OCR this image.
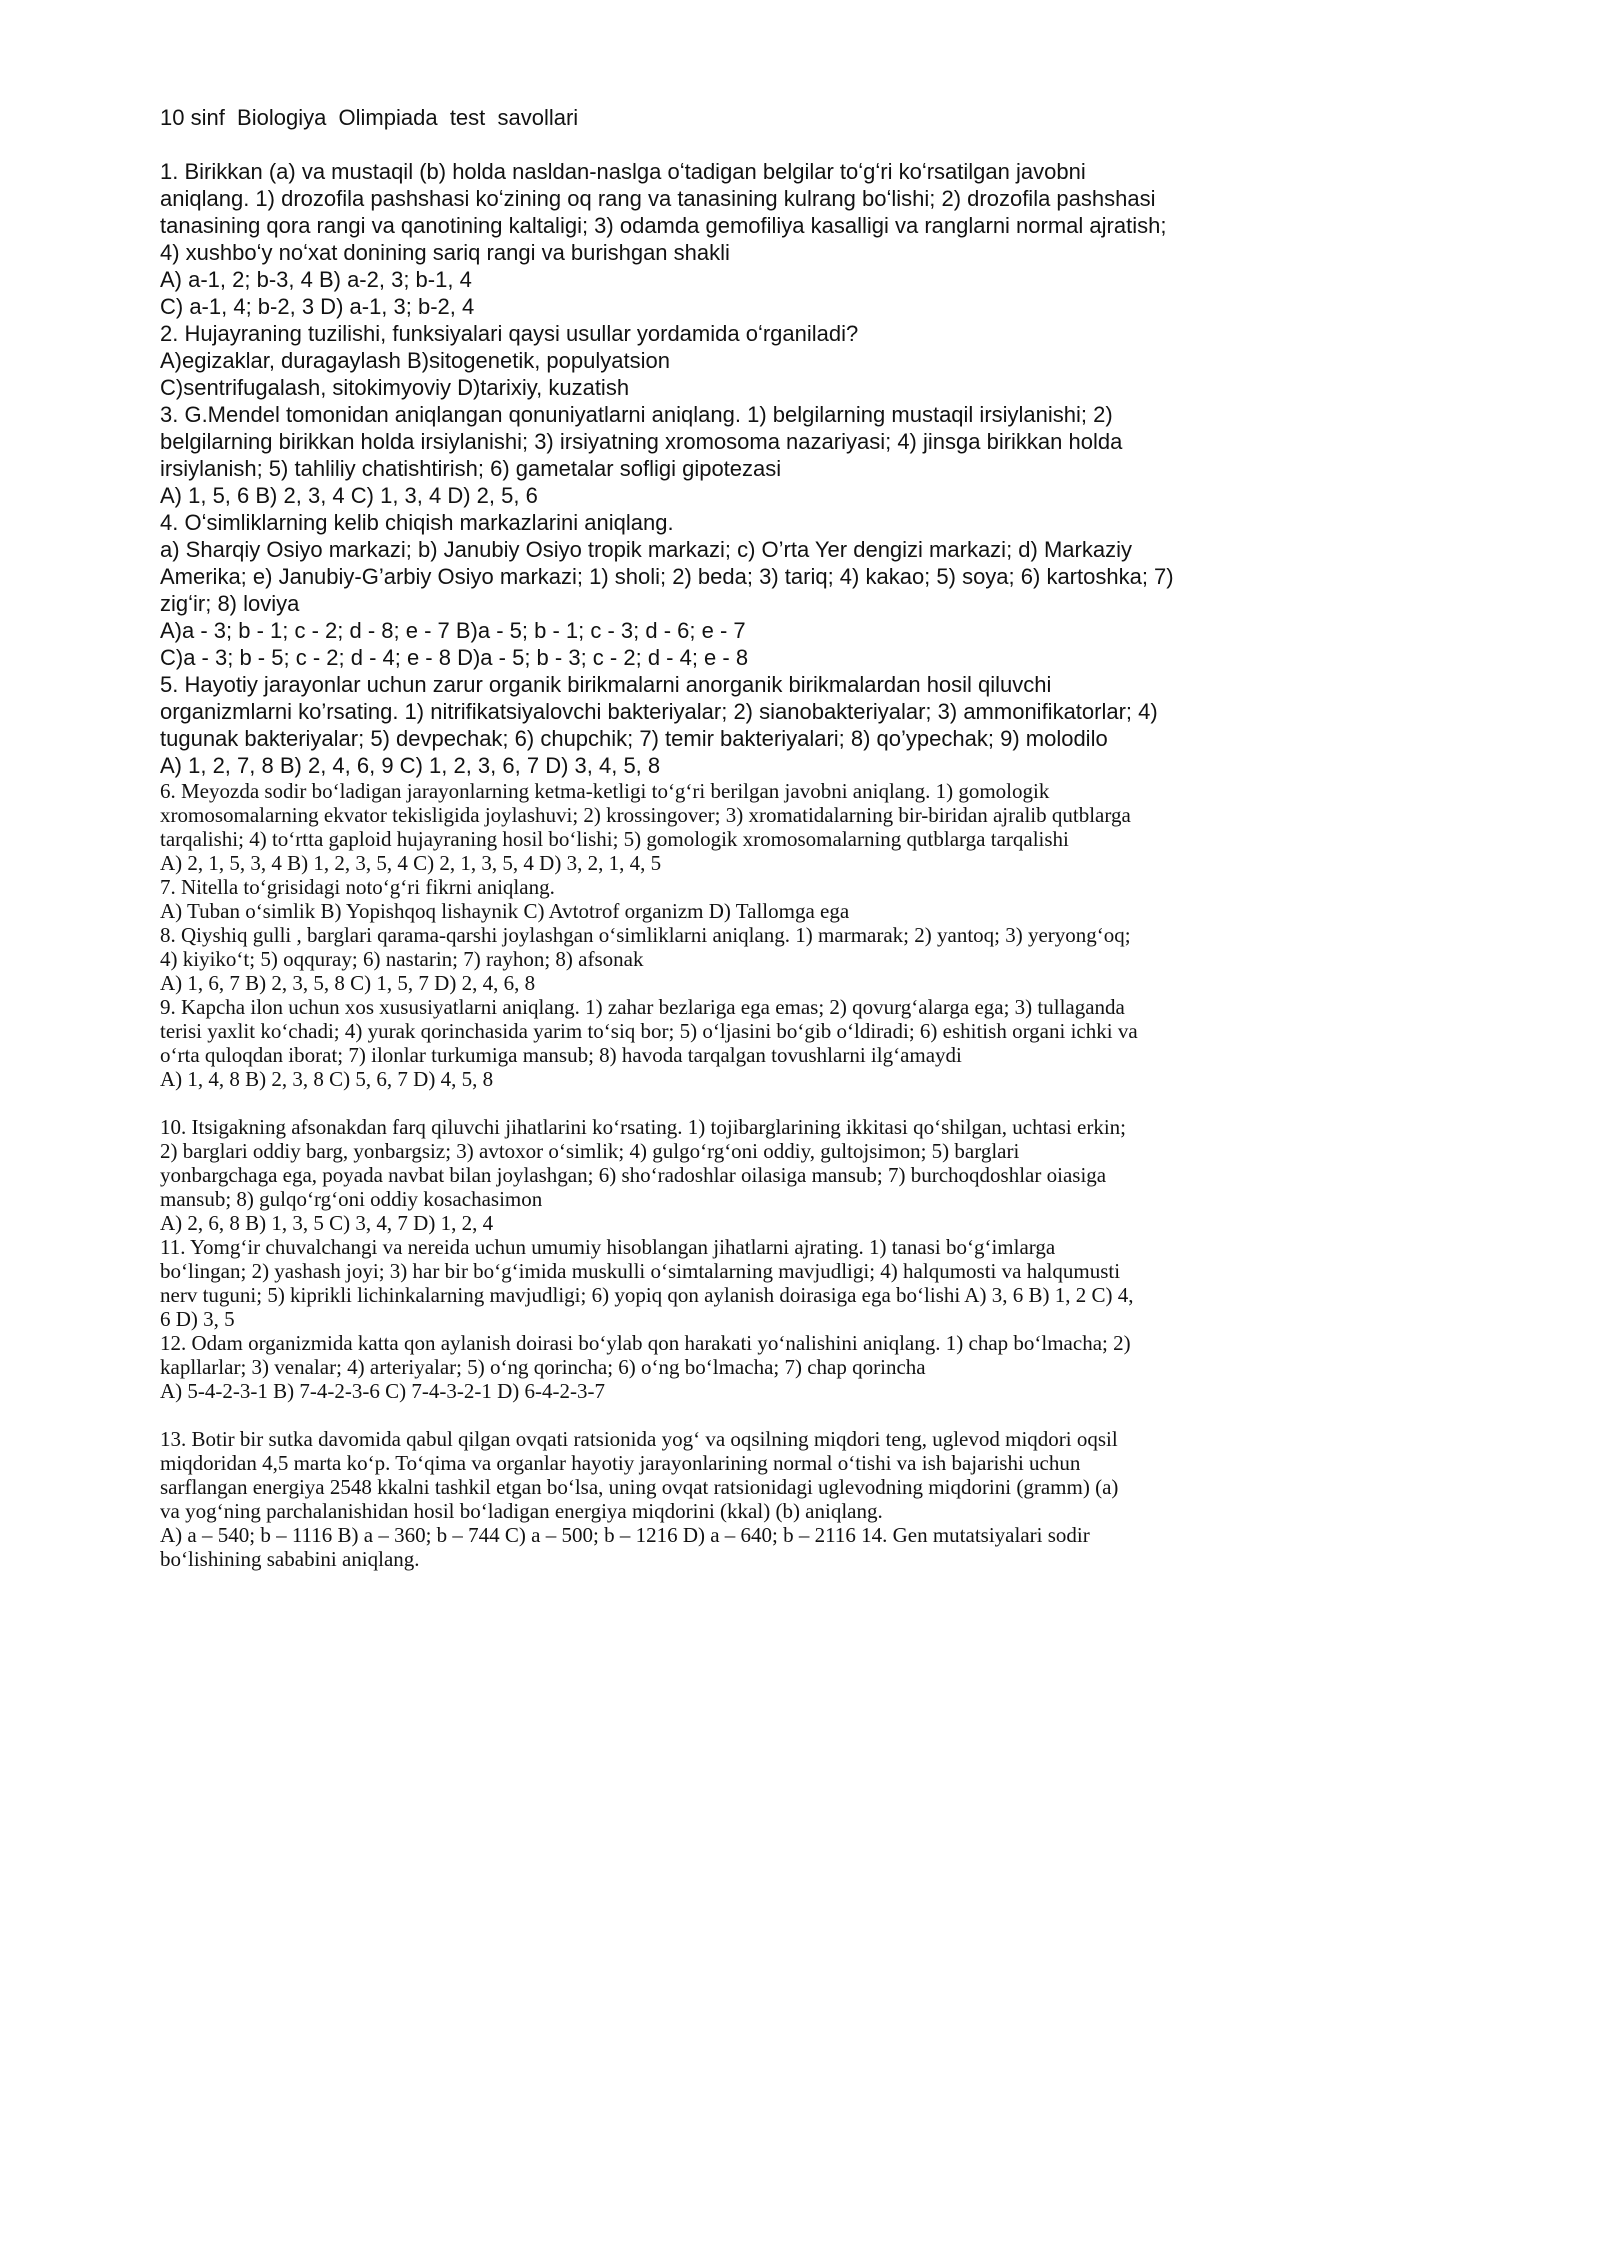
10 sinf  Biologiya  Olimpiada  test  savollari
1. Birikkan (a) va mustaqil (b) holda nasldan-naslga oʻtadigan belgilar toʻgʻri koʻrsatilgan javobni
aniqlang. 1) drozofila pashshasi koʻzining oq rang va tanasining kulrang boʻlishi; 2) drozofila pashshasi
tanasining qora rangi va qanotining kaltaligi; 3) odamda gemofiliya kasalligi va ranglarni normal ajratish;
4) xushboʻy noʻxat donining sariq rangi va burishgan shakli
A) a-1, 2; b-3, 4 B) a-2, 3; b-1, 4
C) a-1, 4; b-2, 3 D) a-1, 3; b-2, 4
2. Hujayraning tuzilishi, funksiyalari qaysi usullar yordamida oʻrganiladi?
A)egizaklar, duragaylash B)sitogenetik, populyatsion
C)sentrifugalash, sitokimyoviy D)tarixiy, kuzatish
3. G.Mendel tomonidan aniqlangan qonuniyatlarni aniqlang. 1) belgilarning mustaqil irsiylanishi; 2)
belgilarning birikkan holda irsiylanishi; 3) irsiyatning xromosoma nazariyasi; 4) jinsga birikkan holda
irsiylanish; 5) tahliliy chatishtirish; 6) gametalar sofligi gipotezasi
A) 1, 5, 6 B) 2, 3, 4 C) 1, 3, 4 D) 2, 5, 6
4. Oʻsimliklarning kelib chiqish markazlarini aniqlang.
a) Sharqiy Osiyo markazi; b) Janubiy Osiyo tropik markazi; c) O’rta Yer dengizi markazi; d) Markaziy
Amerika; e) Janubiy-G’arbiy Osiyo markazi; 1) sholi; 2) beda; 3) tariq; 4) kakao; 5) soya; 6) kartoshka; 7)
zigʻir; 8) loviya
A)a - 3; b - 1; c - 2; d - 8; e - 7 B)a - 5; b - 1; c - 3; d - 6; e - 7
C)a - 3; b - 5; c - 2; d - 4; e - 8 D)a - 5; b - 3; c - 2; d - 4; e - 8
5. Hayotiy jarayonlar uchun zarur organik birikmalarni anorganik birikmalardan hosil qiluvchi
organizmlarni ko’rsating. 1) nitrifikatsiyalovchi bakteriyalar; 2) sianobakteriyalar; 3) ammonifikatorlar; 4)
tugunak bakteriyalar; 5) devpechak; 6) chupchik; 7) temir bakteriyalari; 8) qo’ypechak; 9) molodilo
A) 1, 2, 7, 8 B) 2, 4, 6, 9 C) 1, 2, 3, 6, 7 D) 3, 4, 5, 8
6. Meyozda sodir boʻladigan jarayonlarning ketma-ketligi toʻgʻri berilgan javobni aniqlang. 1) gomologik
xromosomalarning ekvator tekisligida joylashuvi; 2) krossingover; 3) xromatidalarning bir-biridan ajralib qutblarga
tarqalishi; 4) toʻrtta gaploid hujayraning hosil boʻlishi; 5) gomologik xromosomalarning qutblarga tarqalishi
A) 2, 1, 5, 3, 4 B) 1, 2, 3, 5, 4 C) 2, 1, 3, 5, 4 D) 3, 2, 1, 4, 5
7. Nitella toʻgrisidagi notoʻgʻri fikrni aniqlang.
A) Tuban oʻsimlik B) Yopishqoq lishaynik C) Avtotrof organizm D) Tallomga ega
8. Qiyshiq gulli , barglari qarama-qarshi joylashgan oʻsimliklarni aniqlang. 1) marmarak; 2) yantoq; 3) yeryongʻoq;
4) kiyikoʻt; 5) oqquray; 6) nastarin; 7) rayhon; 8) afsonak
A) 1, 6, 7 B) 2, 3, 5, 8 C) 1, 5, 7 D) 2, 4, 6, 8
9. Kapcha ilon uchun xos xususiyatlarni aniqlang. 1) zahar bezlariga ega emas; 2) qovurgʻalarga ega; 3) tullaganda
terisi yaxlit koʻchadi; 4) yurak qorinchasida yarim toʻsiq bor; 5) oʻljasini boʻgib oʻldiradi; 6) eshitish organi ichki va
oʻrta quloqdan iborat; 7) ilonlar turkumiga mansub; 8) havoda tarqalgan tovushlarni ilgʻamaydi
A) 1, 4, 8 B) 2, 3, 8 C) 5, 6, 7 D) 4, 5, 8

10. Itsigakning afsonakdan farq qiluvchi jihatlarini koʻrsating. 1) tojibarglarining ikkitasi qoʻshilgan, uchtasi erkin;
2) barglari oddiy barg, yonbargsiz; 3) avtoxor oʻsimlik; 4) gulgoʻrgʻoni oddiy, gultojsimon; 5) barglari
yonbargchaga ega, poyada navbat bilan joylashgan; 6) shoʻradoshlar oilasiga mansub; 7) burchoqdoshlar oiasiga
mansub; 8) gulqoʻrgʻoni oddiy kosachasimon
A) 2, 6, 8 B) 1, 3, 5 C) 3, 4, 7 D) 1, 2, 4
11. Yomgʻir chuvalchangi va nereida uchun umumiy hisoblangan jihatlarni ajrating. 1) tanasi boʻgʻimlarga
boʻlingan; 2) yashash joyi; 3) har bir boʻgʻimida muskulli oʻsimtalarning mavjudligi; 4) halqumosti va halqumusti
nerv tuguni; 5) kiprikli lichinkalarning mavjudligi; 6) yopiq qon aylanish doirasiga ega boʻlishi A) 3, 6 B) 1, 2 C) 4,
6 D) 3, 5
12. Odam organizmida katta qon aylanish doirasi boʻylab qon harakati yoʻnalishini aniqlang. 1) chap boʻlmacha; 2)
kapllarlar; 3) venalar; 4) arteriyalar; 5) oʻng qorincha; 6) oʻng boʻlmacha; 7) chap qorincha
A) 5-4-2-3-1 B) 7-4-2-3-6 C) 7-4-3-2-1 D) 6-4-2-3-7

13. Botir bir sutka davomida qabul qilgan ovqati ratsionida yogʻ va oqsilning miqdori teng, uglevod miqdori oqsil
miqdoridan 4,5 marta koʻp. Toʻqima va organlar hayotiy jarayonlarining normal oʻtishi va ish bajarishi uchun
sarflangan energiya 2548 kkalni tashkil etgan boʻlsa, uning ovqat ratsionidagi uglevodning miqdorini (gramm) (a)
va yogʻning parchalanishidan hosil boʻladigan energiya miqdorini (kkal) (b) aniqlang.
A) a – 540; b – 1116 B) a – 360; b – 744 C) a – 500; b – 1216 D) a – 640; b – 2116 14. Gen mutatsiyalari sodir
boʻlishining sababini aniqlang.
